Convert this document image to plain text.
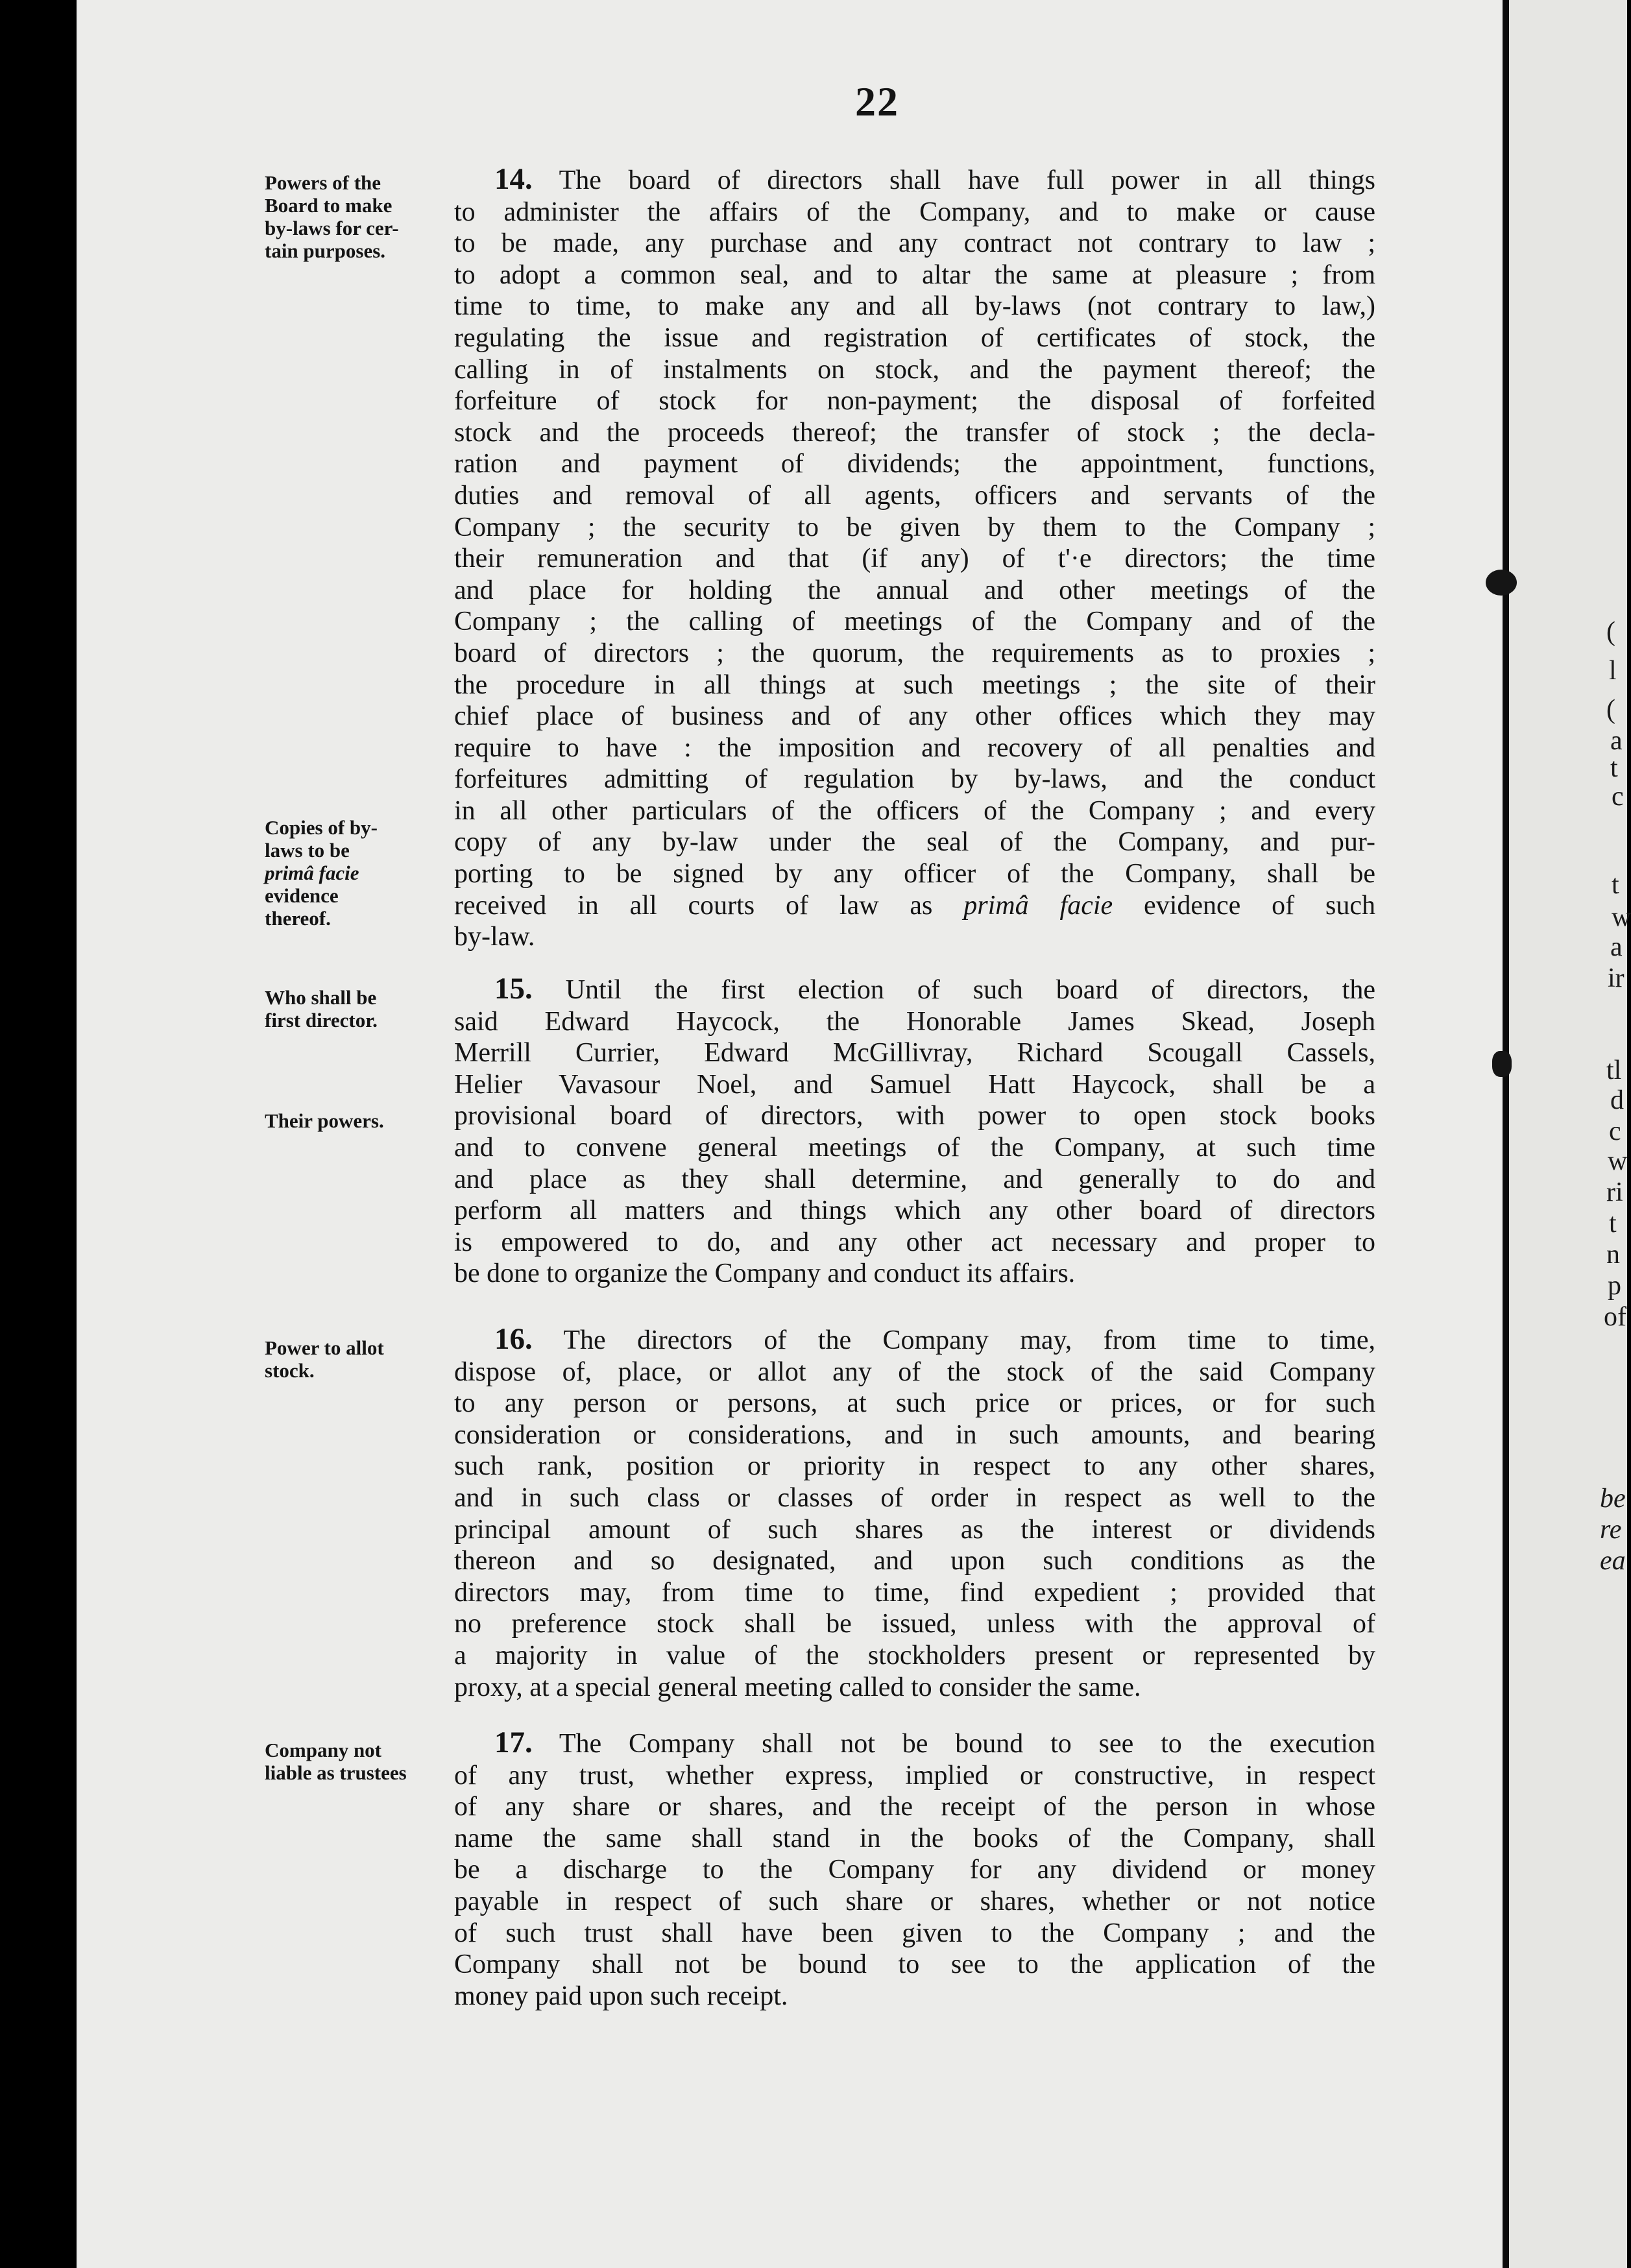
22
Powers of the
Board to make
by-laws for cer-
tain purposes.
Copies of by-
laws to be
primâ facie
evidence
thereof.
Who shall be
first director.
Their powers.
Power to allot
stock.
Company not
liable as trustees
14. The board of directors shall have full power in all things
to administer the affairs of the Company, and to make or cause
to be made, any purchase and any contract not contrary to law ;
to adopt a common seal, and to altar the same at pleasure ; from
time to time, to make any and all by-laws (not contrary to law,)
regulating the issue and registration of certificates of stock, the
calling in of instalments on stock, and the payment thereof; the
forfeiture of stock for non-payment; the disposal of forfeited
stock and the proceeds thereof; the transfer of stock ; the decla-
ration and payment of dividends; the appointment, functions,
duties and removal of all agents, officers and servants of the
Company ; the security to be given by them to the Company ;
their remuneration and that (if any) of t'·e directors; the time
and place for holding the annual and other meetings of the
Company ; the calling of meetings of the Company and of the
board of directors ; the quorum, the requirements as to proxies ;
the procedure in all things at such meetings ; the site of their
chief place of business and of any other offices which they may
require to have : the imposition and recovery of all penalties and
forfeitures admitting of regulation by by-laws, and the conduct
in all other particulars of the officers of the Company ; and every
copy of any by-law under the seal of the Company, and pur-
porting to be signed by any officer of the Company, shall be
received in all courts of law as primâ facie evidence of such
by-law.
15. Until the first election of such board of directors, the
said Edward Haycock, the Honorable James Skead, Joseph
Merrill Currier, Edward McGillivray, Richard Scougall Cassels,
Helier Vavasour Noel, and Samuel Hatt Haycock, shall be a
provisional board of directors, with power to open stock books
and to convene general meetings of the Company, at such time
and place as they shall determine, and generally to do and
perform all matters and things which any other board of directors
is empowered to do, and any other act necessary and proper to
be done to organize the Company and conduct its affairs.
16. The directors of the Company may, from time to time,
dispose of, place, or allot any of the stock of the said Company
to any person or persons, at such price or prices, or for such
consideration or considerations, and in such amounts, and bearing
such rank, position or priority in respect to any other shares,
and in such class or classes of order in respect as well to the
principal amount of such shares as the interest or dividends
thereon and so designated, and upon such conditions as the
directors may, from time to time, find expedient ; provided that
no preference stock shall be issued, unless with the approval of
a majority in value of the stockholders present or represented by
proxy, at a special general meeting called to consider the same.
17. The Company shall not be bound to see to the execution
of any trust, whether express, implied or constructive, in respect
of any share or shares, and the receipt of the person in whose
name the same shall stand in the books of the Company, shall
be a discharge to the Company for any dividend or money
payable in respect of such share or shares, whether or not notice
of such trust shall have been given to the Company ; and the
Company shall not be bound to see to the application of the
money paid upon such receipt.
(
l
(
a
t
c
t
w
a
ir
tl
d
c
w
ri
t
n
p
of
be
re
ea
